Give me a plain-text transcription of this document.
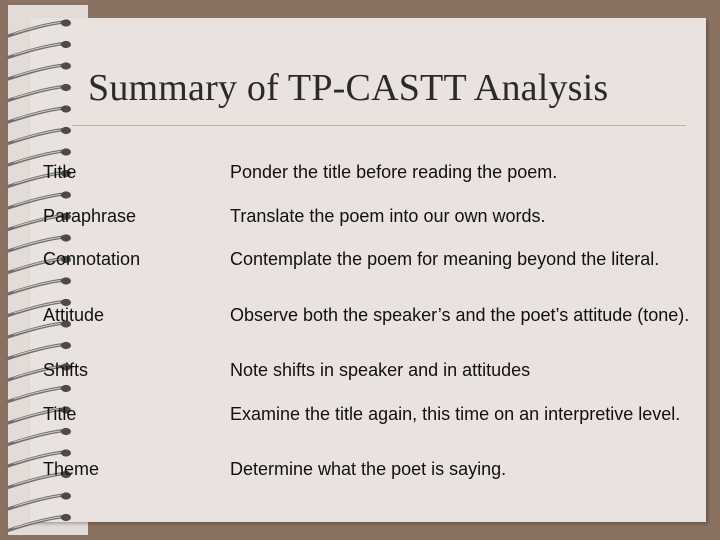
Summary of TP-CASTT Analysis
Title	Ponder the title before reading the poem.
Paraphrase	Translate the poem into our own words.
Connotation	Contemplate the poem for meaning beyond the literal.
Attitude	Observe both the speaker’s and the poet’s attitude (tone).
Shifts	Note shifts in speaker and in attitudes
Title	Examine the title again, this time on an interpretive level.
Theme	Determine what the poet is saying.
